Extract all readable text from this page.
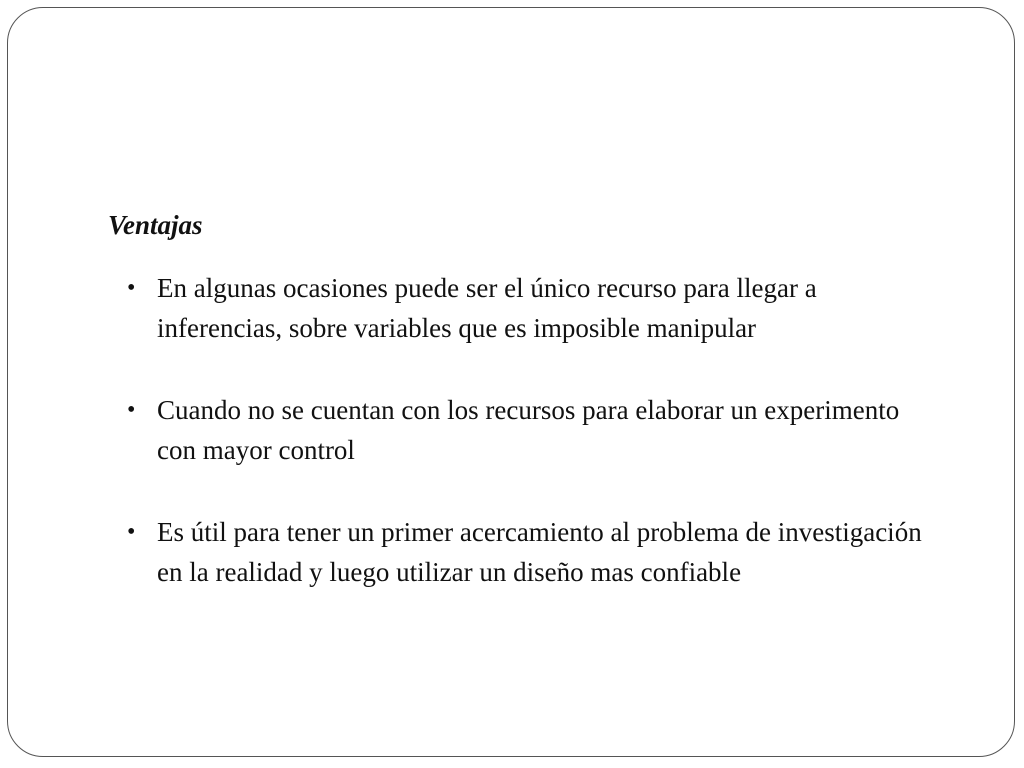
Ventajas
• En algunas ocasiones puede ser el único recurso para llegar a inferencias, sobre variables que es imposible manipular
• Cuando no se cuentan con los recursos para elaborar un experimento con mayor control
• Es útil para tener un primer acercamiento al problema de investigación en la realidad y luego utilizar un diseño mas confiable
